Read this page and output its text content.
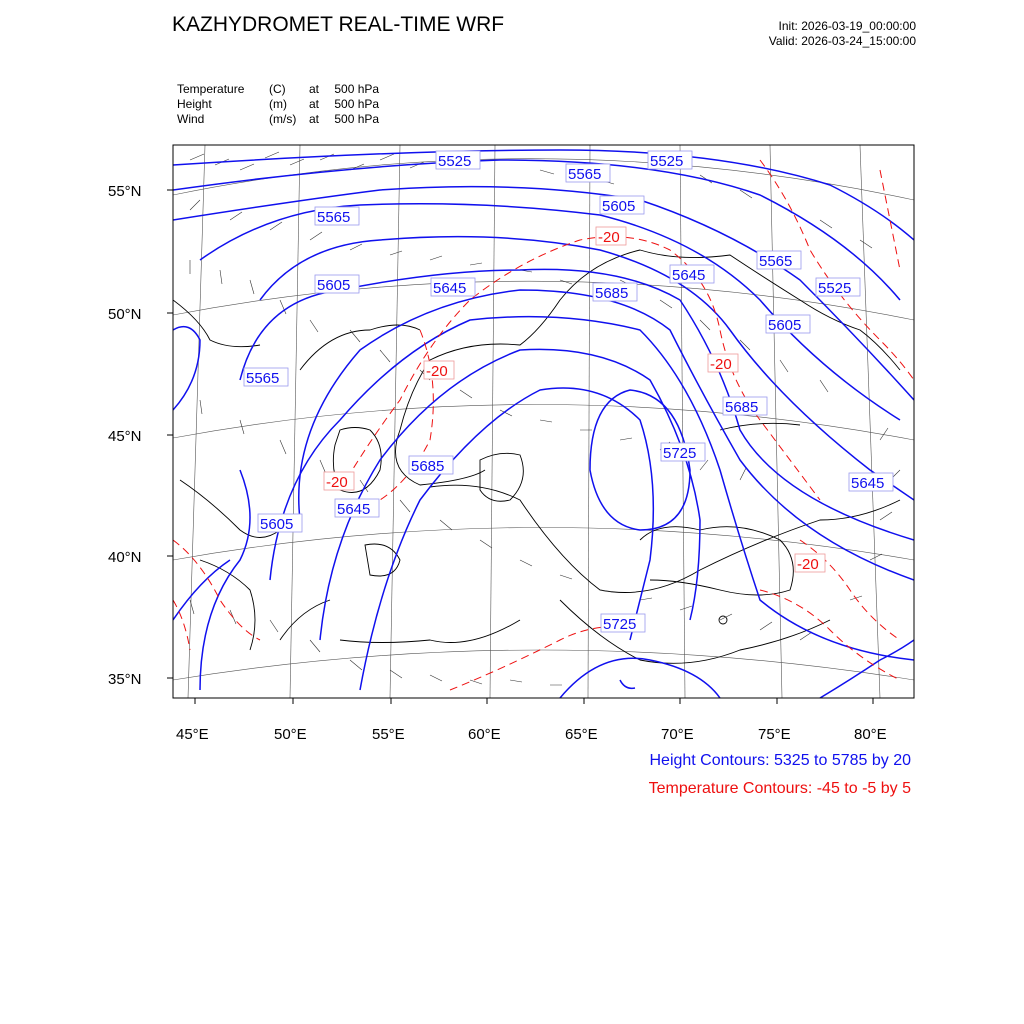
KAZHYDROMET REAL-TIME WRF	Init: 2026-03-19_00:00:00
Valid: 2026-03-24_15:00:00
Temperature (C) at 500 hPa
Height	(m) at 500 hPa
Wind	(m/s) at 500 hPa
55°N
50°N
45°N
40°N
35°N
45°E	50°E	55°E	60°E	65°E	70°E	75°E	80°E
5525
5565
5525
5565
5605
5605	5645	5685
5645
5565
5525
5605
5565
5685
5725
5685
5645
5605
5645
5725
-20
-20
-20
-20
-20
Height Contours: 5325 to 5785 by 20
Temperature Contours: -45 to -5 by 5
